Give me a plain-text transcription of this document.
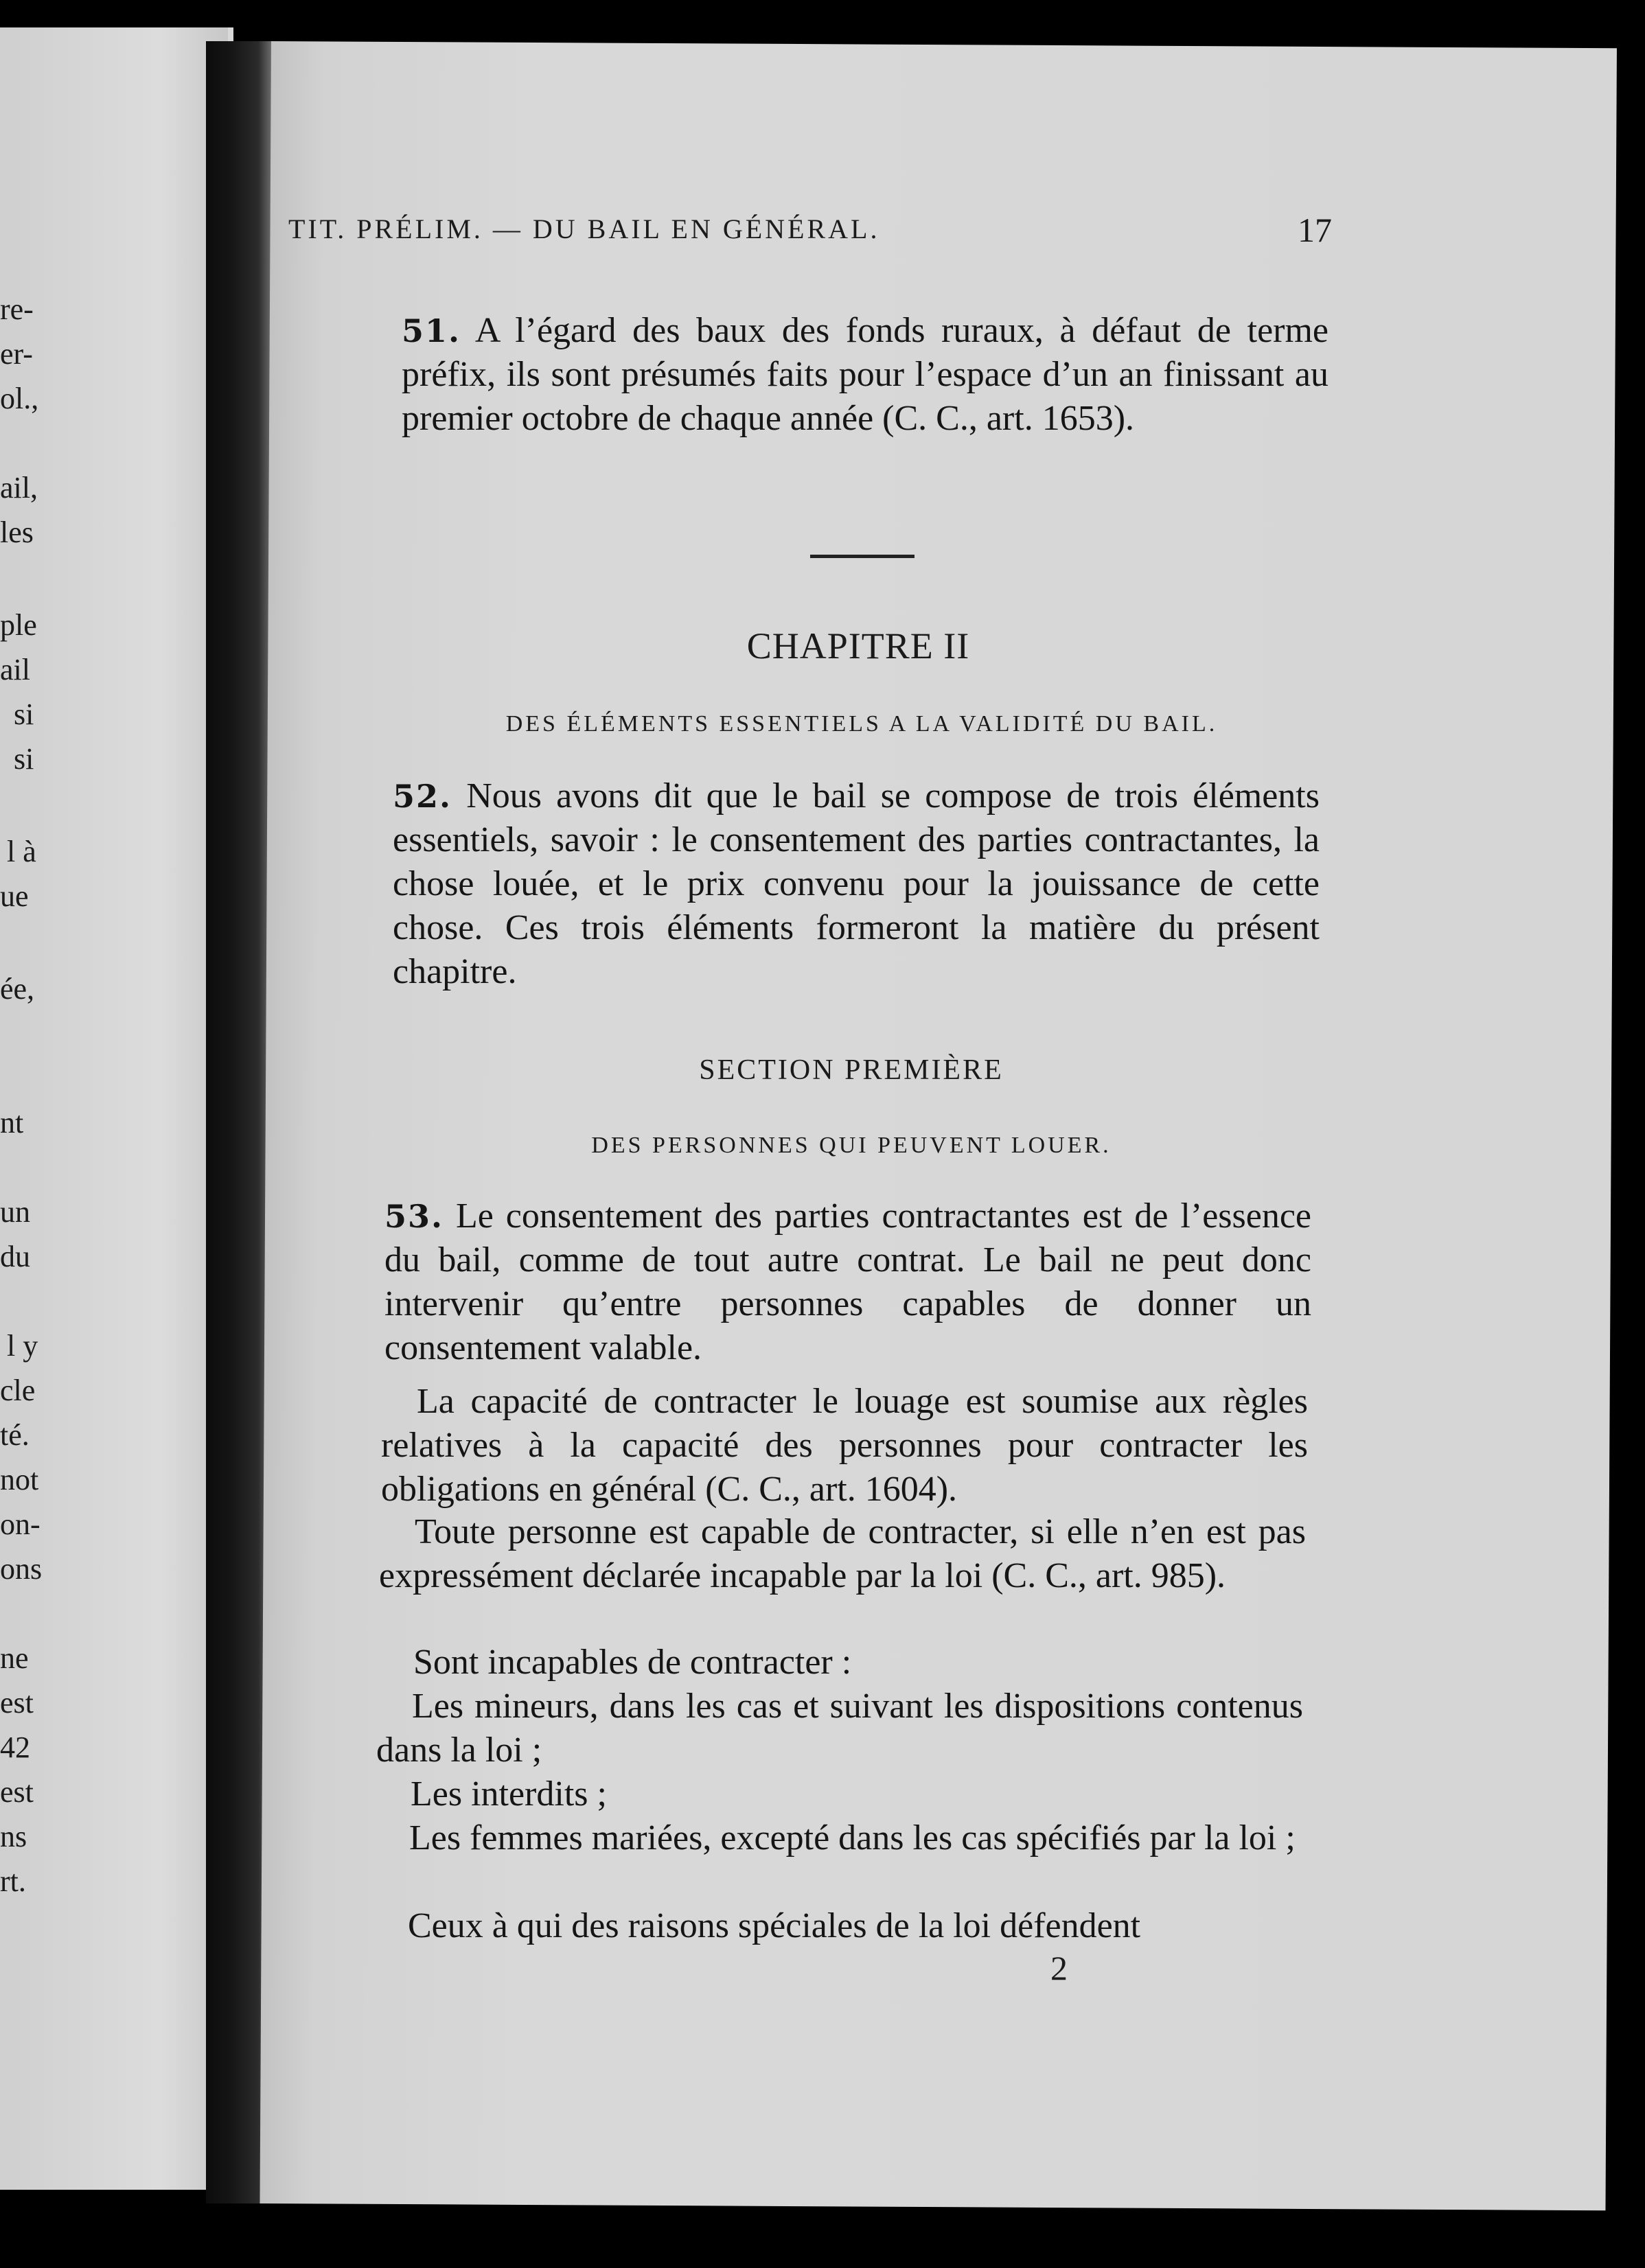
re-
er-
ol.,
ail,
les
ple
ail
si
si
l à
ue
ée,
nt
un
du
l y
cle
té.
not
on-
ons
ne
est
42
est
ns
rt.
TIT. PRÉLIM. — DU BAIL EN GÉNÉRAL.	17

51. A l’égard des baux des fonds ruraux, à défaut de terme préfix, ils sont présumés faits pour l’espace d’un an finissant au premier octobre de chaque année (C. C., art. 1653).

CHAPITRE II
DES ÉLÉMENTS ESSENTIELS A LA VALIDITÉ DU BAIL.

52. Nous avons dit que le bail se compose de trois éléments essentiels, savoir : le consentement des parties contractantes, la chose louée, et le prix convenu pour la jouissance de cette chose. Ces trois éléments formeront la matière du présent chapitre.

SECTION PREMIÈRE
DES PERSONNES QUI PEUVENT LOUER.

53. Le consentement des parties contractantes est de l’essence du bail, comme de tout autre contrat. Le bail ne peut donc intervenir qu’entre personnes capables de donner un consentement valable.

La capacité de contracter le louage est soumise aux règles relatives à la capacité des personnes pour contracter les obligations en général (C. C., art. 1604).

Toute personne est capable de contracter, si elle n’en est pas expressément déclarée incapable par la loi (C. C., art. 985).

Sont incapables de contracter :

Les mineurs, dans les cas et suivant les dispositions contenus dans la loi ;

Les interdits ;

Les femmes mariées, excepté dans les cas spécifiés par la loi ;

Ceux à qui des raisons spéciales de la loi défendent

2
